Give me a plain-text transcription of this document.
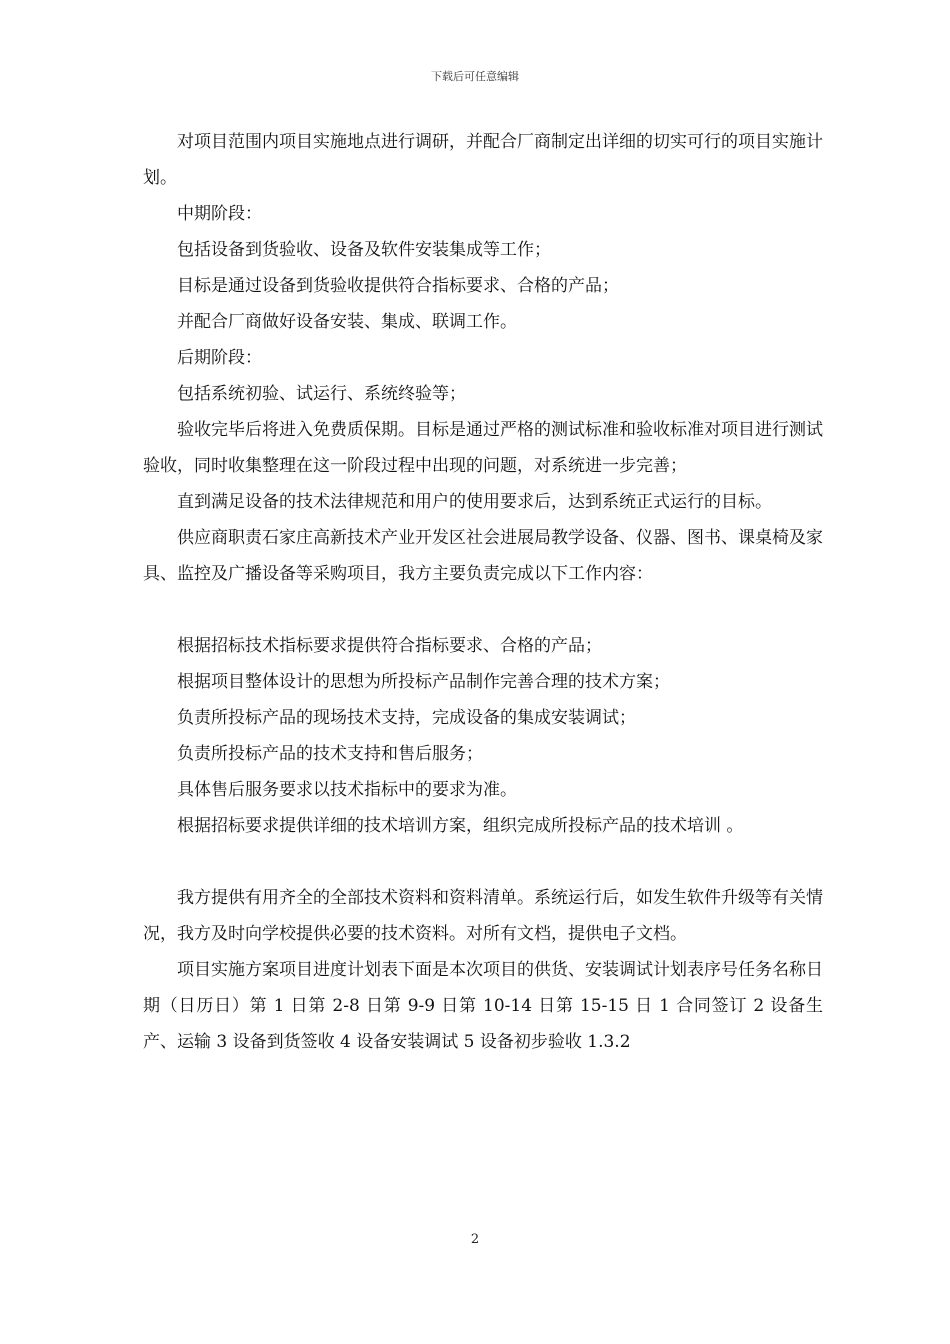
下载后可任意编辑

对项目范围内项目实施地点进行调研，并配合厂商制定出详细的切实可行的项目实施计划。

中期阶段：

包括设备到货验收、设备及软件安装集成等工作；

目标是通过设备到货验收提供符合指标要求、合格的产品；

并配合厂商做好设备安装、集成、联调工作。

后期阶段：

包括系统初验、试运行、系统终验等；

验收完毕后将进入免费质保期。目标是通过严格的测试标准和验收标准对项目进行测试验收，同时收集整理在这一阶段过程中出现的问题，对系统进一步完善；

直到满足设备的技术法律规范和用户的使用要求后，达到系统正式运行的目标。

供应商职责石家庄高新技术产业开发区社会进展局教学设备、仪器、图书、课桌椅及家具、监控及广播设备等采购项目，我方主要负责完成以下工作内容：

根据招标技术指标要求提供符合指标要求、合格的产品；

根据项目整体设计的思想为所投标产品制作完善合理的技术方案；

负责所投标产品的现场技术支持，完成设备的集成安装调试；

负责所投标产品的技术支持和售后服务；

具体售后服务要求以技术指标中的要求为准。

根据招标要求提供详细的技术培训方案，组织完成所投标产品的技术培训 。

我方提供有用齐全的全部技术资料和资料清单。系统运行后，如发生软件升级等有关情况，我方及时向学校提供必要的技术资料。对所有文档，提供电子文档。

项目实施方案项目进度计划表下面是本次项目的供货、安装调试计划表序号任务名称日期（日历日）第 1 日第 2-8 日第 9-9 日第 10-14 日第 15-15 日 1 合同签订 2 设备生产、运输 3 设备到货签收 4 设备安装调试 5 设备初步验收 1.3.2

2
